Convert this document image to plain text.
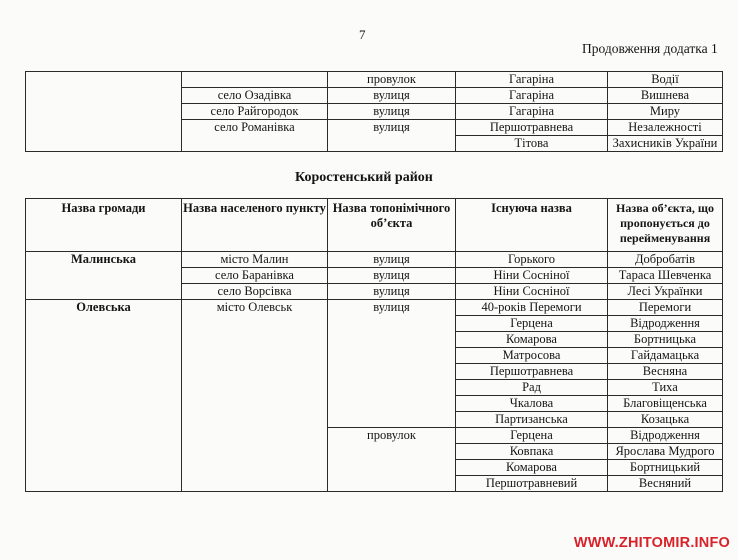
7
Продовження додатка 1
		провулок	Гагаріна	Водії
	село Озадівка	вулиця	Гагаріна	Вишнева
	село Райгородок	вулиця	Гагаріна	Миру
	село Романівка	вулиця	Першотравнева	Незалежності
			Тітова	Захисників України
Коростенський район
Назва громади	Назва населеного пункту	Назва топонімічного об’єкта	Існуюча назва	Назва об’єкта, що пропонується до перейменування
Малинська	місто Малин	вулиця	Горького	Добробатів
	село Баранівка	вулиця	Ніни Сосніної	Тараса Шевченка
	село Ворсівка	вулиця	Ніни Сосніної	Лесі Українки
Олевська	місто Олевськ	вулиця	40-років Перемоги	Перемоги
			Герцена	Відродження
			Комарова	Бортницька
			Матросова	Гайдамацька
			Першотравнева	Весняна
			Рад	Тиха
			Чкалова	Благовіщенська
			Партизанська	Козацька
		провулок	Герцена	Відродження
			Ковпака	Ярослава Мудрого
			Комарова	Бортницький
			Першотравневий	Весняний
WWW.ZHITOMIR.INFO
